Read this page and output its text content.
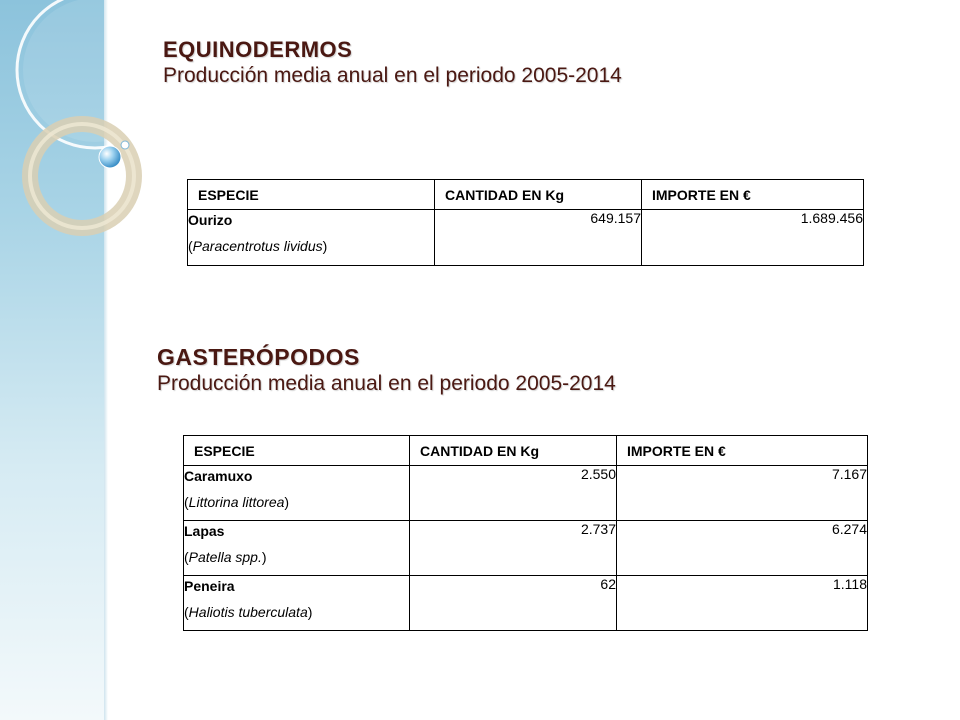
EQUINODERMOS
Producción media anual en el periodo 2005-2014
ESPECIE	CANTIDAD EN Kg	IMPORTE EN €

Ourizo
(Paracentrotus lividus)	649.157	1.689.456
GASTERÓPODOS
Producción media anual en el periodo 2005-2014
ESPECIE	CANTIDAD EN Kg	IMPORTE EN €

Caramuxo
(Littorina littorea)	2.550	7.167

Lapas
(Patella spp.)	2.737	6.274

Peneira
(Haliotis tuberculata)	62	1.118
